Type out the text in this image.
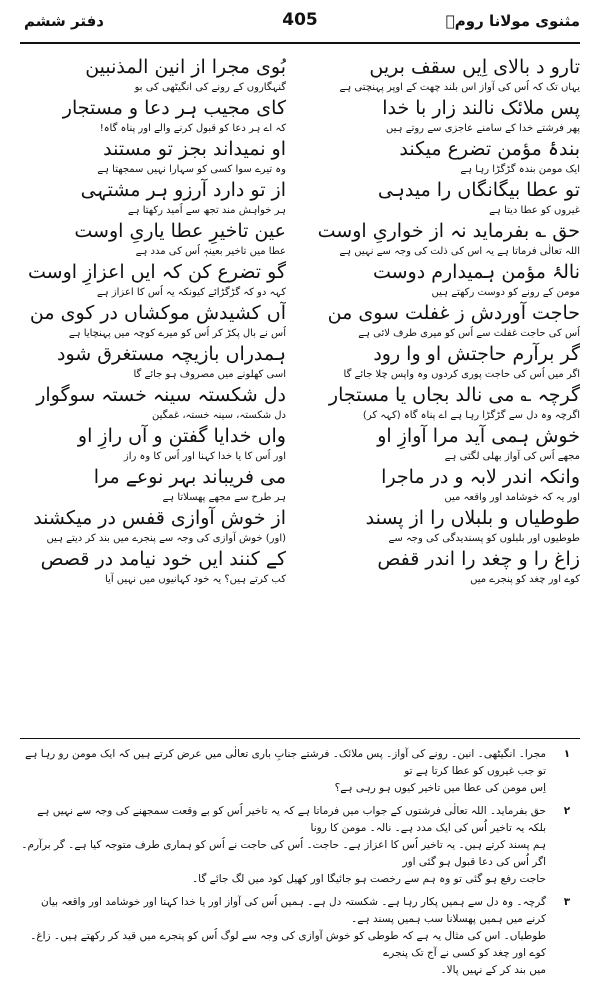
مثنوی مولانا رومؒ
405
دفتر ششم
تارو د بالای اِیں سقف بریں
یہاں تک کہ اُس کی آواز اس بلند چھت کے اوپر پہنچتی ہے
پس ملائک نالند زار با خدا
پھر فرشتے خدا کے سامنے عاجزی سے روتے ہیں
بندۂ مؤمن تضرع میکند
ایک مومن بندہ گڑگڑا رہا ہے
تو عطا بیگانگاں را میدہی
غیروں کو عطا دیتا ہے
حق ؎ بفرماید نہ از خواریِ اوست
اللہ تعالٰی فرماتا ہے یہ اس کی ذلت کی وجہ سے نہیں ہے
نالۂ مؤمن ہمیدارم دوست
مومن کے رونے کو دوست رکھتے ہیں
حاجت آوردش ز غفلت سوی من
اُس کی حاجت غفلت سے اُس کو میری طرف لائی ہے
گر برآرم حاجتش او وا رود
اگر میں اُس کی حاجت پوری کردوں وہ واپس چلا جائے گا
گرچہ ؎ می نالد بجاں یا مستجار
اگرچہ وہ دل سے گڑگڑا رہا ہے اے پناہ گاہ (کہہ کر)
خوش ہمی آید مرا آوازِ او
مجھے اُس کی آواز بھلی لگتی ہے
وانکہ اندر لابہ و در ماجرا
اور یہ کہ خوشامد اور واقعہ میں
طوطیاں و بلبلاں را از پسند
طوطیوں اور بلبلوں کو پسندیدگی کی وجہ سے
زاغ را و چغد را اندر قفص
کوے اور چغد کو پنجرے میں
بُوی مجرا از انین المذنبین
گنہگاروں کے رونے کی انگیٹھی کی بو
کای مجیب ہر دعا و مستجار
کہ اے ہر دعا کو قبول کرنے والے اور پناہ گاہ!
او نمیداند بجز تو مستند
وہ تیرے سوا کسی کو سہارا نہیں سمجھتا ہے
از تو دارد آرزو ہر مشتہی
ہر خواہش مند تجھ سے اُمید رکھتا ہے
عین تاخیرِ عطا یاریِ اوست
عطا میں تاخیر بعینہٖ اُس کی مدد ہے
گو تضرع کن کہ ایں اعزازِ اوست
کہہ دو کہ گڑگڑائے کیونکہ یہ اُس کا اعزاز ہے
آں کشیدش موکشاں در کوی من
اُس نے بال پکڑ کر اُس کو میرے کوچہ میں پہنچایا ہے
ہمدراں بازیچہ مستغرق شود
اسی کھلونے میں مصروف ہو جائے گا
دل شکستہ سینہ خستہ سوگوار
دل شکستہ، سینہ خستہ، غمگین
واں خدایا گفتن و آں رازِ او
اور اُس کا یا خدا کہنا اور اُس کا وہ راز
می فریباند بہر نوعے مرا
ہر طرح سے مجھے پھسلاتا ہے
از خوش آوازی قفس در میکشند
(اور) خوش آوازی کی وجہ سے پنجرے میں بند کر دیتے ہیں
کے کنند ایں خود نیامد در قصص
کب کرتے ہیں؟ یہ خود کہانیوں میں نہیں آیا
۱
مجرا۔ انگیٹھی۔ انین۔ رونے کی آواز۔ پس ملائک۔ فرشتے جنابِ باری تعالٰی میں عرض کرتے ہیں کہ ایک مومن رو رہا ہے تو جب غیروں کو عطا کرتا ہے تو
اِس مومن کی عطا میں تاخیر کیوں ہو رہی ہے؟
۲
حق بفرماید۔ اللہ تعالٰی فرشتوں کے جواب میں فرماتا ہے کہ یہ تاخیر اُس کو بے وقعت سمجھنے کی وجہ سے نہیں ہے بلکہ یہ تاخیر اُس کی ایک مدد ہے۔ نالہ۔ مومن کا رونا
ہم پسند کرتے ہیں۔ یہ تاخیر اُس کا اعزاز ہے۔ حاجت۔ اُس کی حاجت نے اُس کو ہماری طرف متوجہ کیا ہے۔ گر برآرم۔ اگر اُس کی دعا قبول ہو گئی اور
حاجت رفع ہو گئی تو وہ ہم سے رخصت ہو جائیگا اور کھیل کود میں لگ جائے گا۔
۳
گرچہ۔ وہ دل سے ہمیں پکار رہا ہے۔ شکستہ دل ہے۔ ہمیں اُس کی آواز اور یا خدا کہنا اور خوشامد اور واقعہ بیان کرنے میں ہمیں پھسلانا سب ہمیں پسند ہے۔
طوطیاں۔ اس کی مثال یہ ہے کہ طوطی کو خوش آوازی کی وجہ سے لوگ اُس کو پنجرے میں قید کر رکھتے ہیں۔ زاغ۔ کوے اور چغد کو کسی نے آج تک پنجرے
میں بند کر کے نہیں پالا۔
